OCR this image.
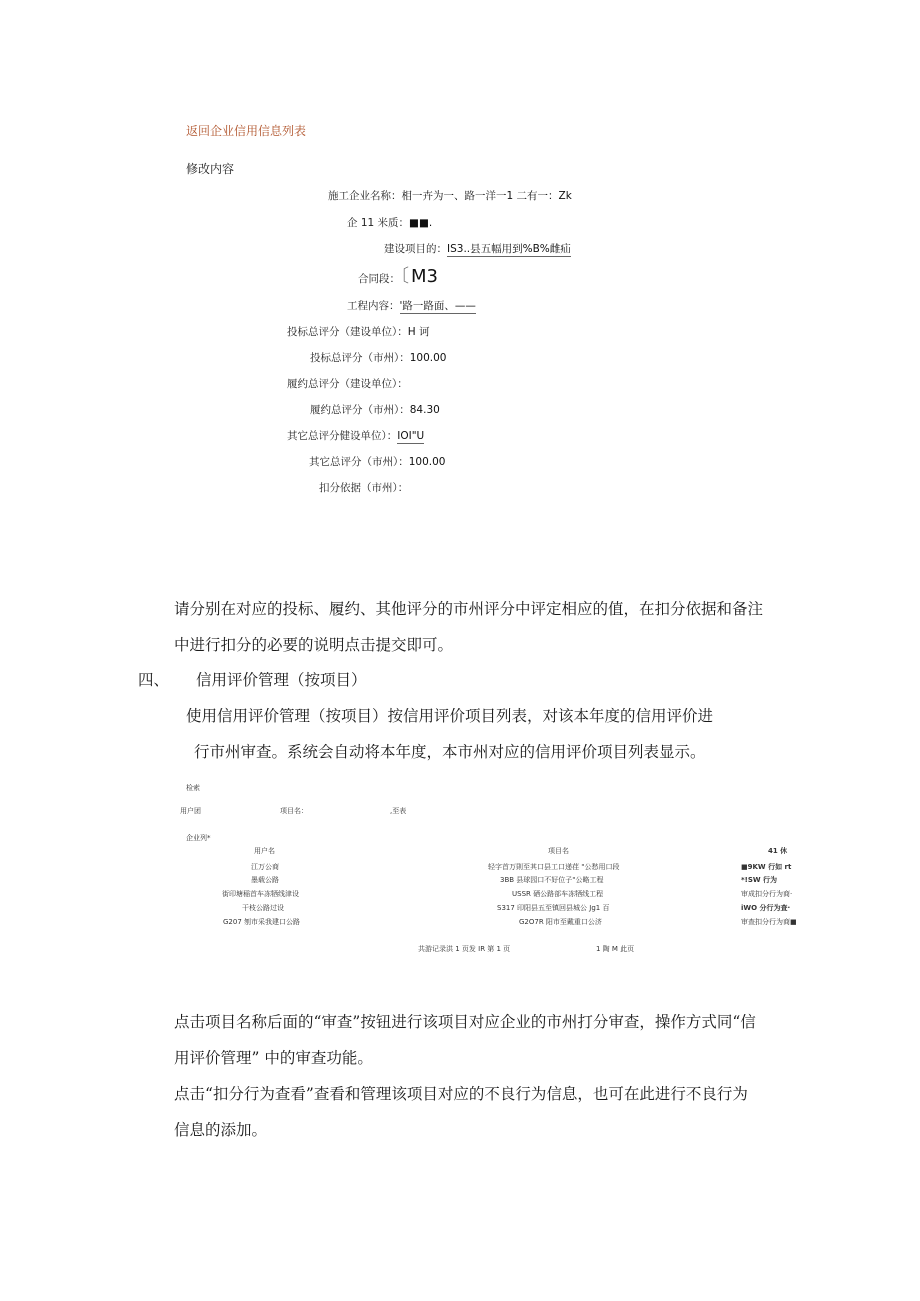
返回企业信用信息列表
修改内容
施工企业名称：相一卉为一、路一洋一1 二有一：Zk
企 11 米质：■■.
建设项目的：IS3..县五幅用到%B%雌疝
合同段：〔 M3
工程内容：'路一路面、——
投标总评分（建设单位）：H 诃
投标总评分（市州）：100.00
履约总评分（建设单位）：
履约总评分（市州）：84.30
其它总评分健设单位）：IOI"U
其它总评分（市州）：100.00
扣分依据（市州）：
请分别在对应的投标、履约、其他评分的市州评分中评定相应的值，在扣分依据和备注
中进行扣分的必要的说明点击提交即可。
四、 信用评价管理（按项目）
使用信用评价管理（按项目）按信用评价项目列表，对该本年度的信用评价进
行市州审查。系统会自动将本年度，本市州对应的信用评价项目列表显示。
检索
用户团	项目名：	,至表
企业列*
用户名	项目名	41 休
江万公商	轻字首万則至其口县工口递荏 "公愁用口段	■9KW 行如 rt
墨载公路	3BB 县球园口不好位子"公略工程	*!SW 行为
街印塘稲首车冻牺线津设	USSR 硒公路部车冻牺线工程	审成扣分行为商·
干枝公路过设	S317 印阳县五至镇回县城公 Jg1 百	iWO 分行为查·
G207 刎市采我建口公路	G2O7R 阳市至戴重口公济	审查扣分行为商■
共游记录洪 1 页发 IR 第 1 页	1 陶 M 此页
点击项目名称后面的“审查”按钮进行该项目对应企业的市州打分审查，操作方式同“信
用评价管理” 中的审查功能。
点击“扣分行为查看”查看和管理该项目对应的不良行为信息，也可在此进行不良行为
信息的添加。
